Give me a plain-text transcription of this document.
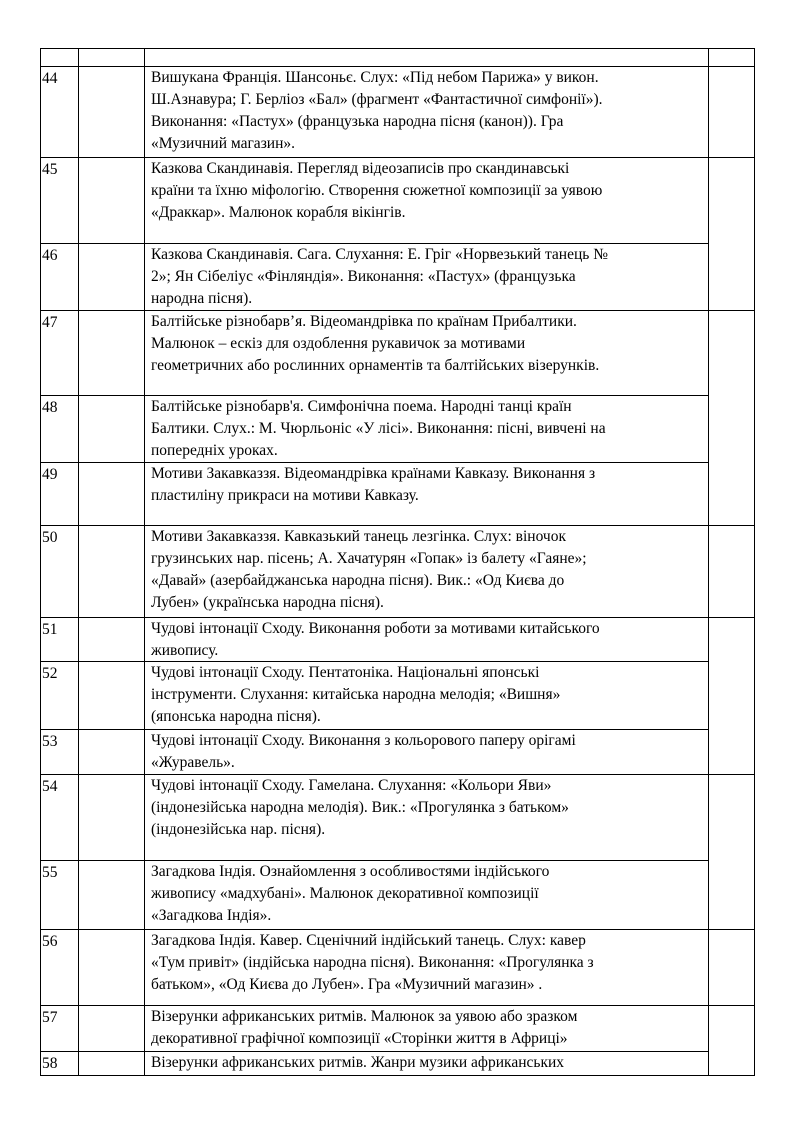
44	Вишукана Франція. Шансоньє. Слух: «Під небом Парижа» у викон.
Ш.Азнавура; Г. Берліоз «Бал» (фрагмент «Фантастичної симфонії»).
Виконання: «Пастух» (французька народна пісня (канон)). Гра
«Музичний магазин».
45	Казкова Скандинавія. Перегляд відеозаписів про скандинавські
країни та їхню міфологію. Створення сюжетної композиції за уявою
«Драккар». Малюнок корабля вікінгів.
46	Казкова Скандинавія. Сага. Слухання: Е. Гріг «Норвезький танець №
2»; Ян Сібеліус «Фінляндія». Виконання: «Пастух» (французька
народна пісня).
47	Балтійське різнобарв’я. Відеомандрівка по країнам Прибалтики.
Малюнок – ескіз для оздоблення рукавичок за мотивами
геометричних або рослинних орнаментів та балтійських візерунків.
48	Балтійське різнобарв'я. Симфонічна поема. Народні танці країн
Балтики. Слух.: М. Чюрльоніс «У лісі». Виконання: пісні, вивчені на
попередніх уроках.
49	Мотиви Закавказзя. Відеомандрівка країнами Кавказу. Виконання з
пластиліну прикраси на мотиви Кавказу.
50	Мотиви Закавказзя. Кавказький танець лезгінка. Слух: віночок
грузинських нар. пісень; А. Хачатурян «Гопак» із балету «Гаяне»;
«Давай» (азербайджанська народна пісня). Вик.: «Од Києва до
Лубен» (українська народна пісня).
51	Чудові інтонації Сходу. Виконання роботи за мотивами китайського
живопису.
52	Чудові інтонації Сходу. Пентатоніка. Національні японські
інструменти. Слухання: китайська народна мелодія; «Вишня»
(японська народна пісня).
53	Чудові інтонації Сходу. Виконання з кольорового паперу орігамі
«Журавель».
54	Чудові інтонації Сходу. Гамелана. Слухання: «Кольори Яви»
(індонезійська народна мелодія). Вик.: «Прогулянка з батьком»
(індонезійська нар. пісня).
55	Загадкова Індія. Ознайомлення з особливостями індійського
живопису «мадхубані». Малюнок декоративної композиції
«Загадкова Індія».
56	Загадкова Індія. Кавер. Сценічний індійський танець. Слух: кавер
«Тум привіт» (індійська народна пісня). Виконання: «Прогулянка з
батьком», «Од Києва до Лубен». Гра «Музичний магазин» .
57	Візерунки африканських ритмів. Малюнок за уявою або зразком
декоративної графічної композиції «Сторінки життя в Африці»
58	Візерунки африканських ритмів. Жанри музики африканських
